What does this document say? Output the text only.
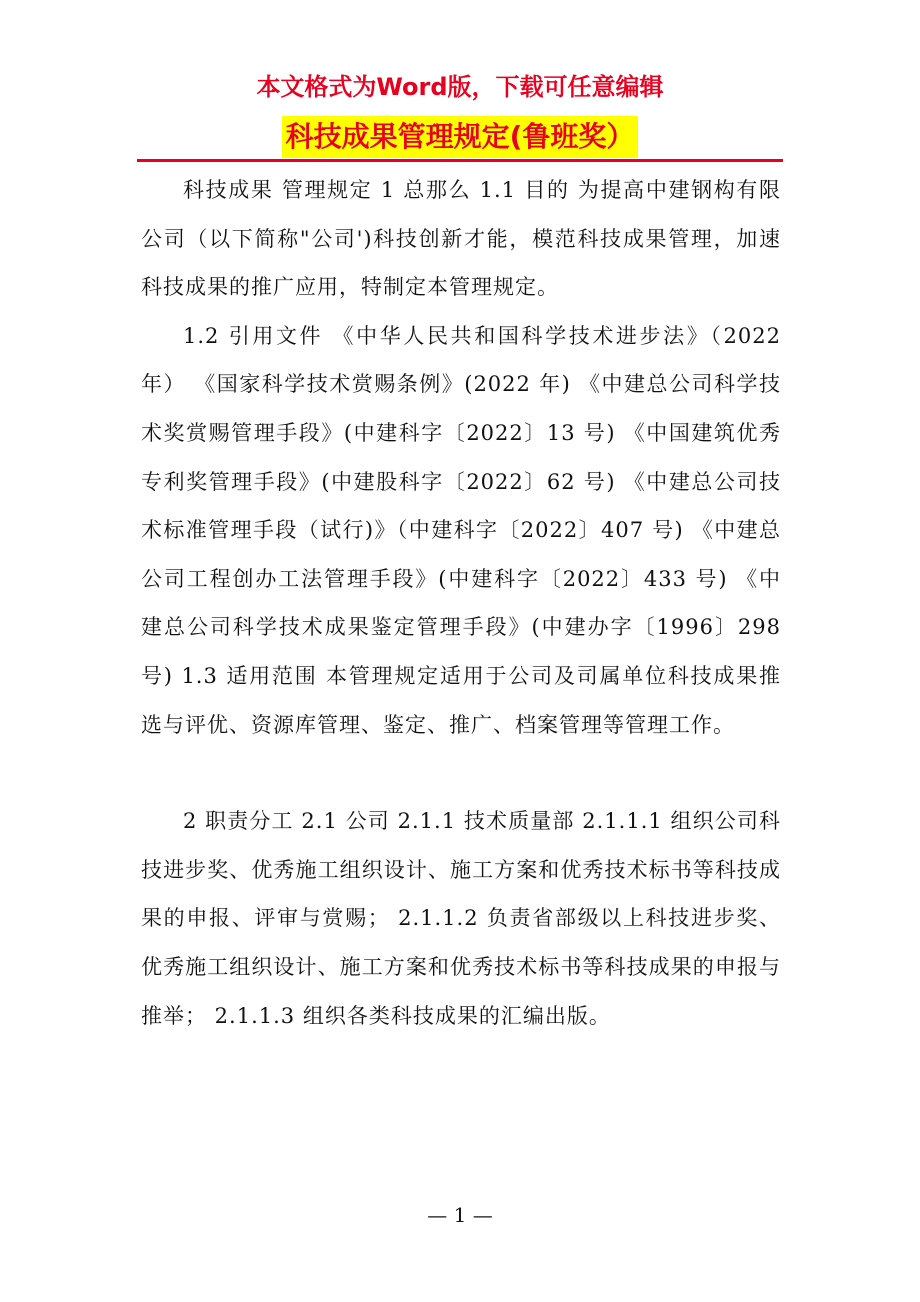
本文格式为Word版，下载可任意编辑
科技成果管理规定(鲁班奖）

科技成果 管理规定 1 总那么 1.1 目的 为提高中建钢构有限公司（以下简称"公司')科技创新才能，模范科技成果管理，加速科技成果的推广应用，特制定本管理规定。

1.2 引用文件 《中华人民共和国科学技术进步法》（2022 年） 《国家科学技术赏赐条例》(2022 年) 《中建总公司科学技术奖赏赐管理手段》(中建科字〔2022〕13 号) 《中国建筑优秀专利奖管理手段》(中建股科字〔2022〕62 号) 《中建总公司技术标准管理手段（试行)》（中建科字〔2022〕407 号) 《中建总公司工程创办工法管理手段》(中建科字〔2022〕433 号) 《中建总公司科学技术成果鉴定管理手段》(中建办字〔1996〕298 号) 1.3 适用范围 本管理规定适用于公司及司属单位科技成果推选与评优、资源库管理、鉴定、推广、档案管理等管理工作。

2 职责分工 2.1 公司 2.1.1 技术质量部 2.1.1.1 组织公司科技进步奖、优秀施工组织设计、施工方案和优秀技术标书等科技成果的申报、评审与赏赐； 2.1.1.2 负责省部级以上科技进步奖、优秀施工组织设计、施工方案和优秀技术标书等科技成果的申报与推举； 2.1.1.3 组织各类科技成果的汇编出版。

— 1 —
